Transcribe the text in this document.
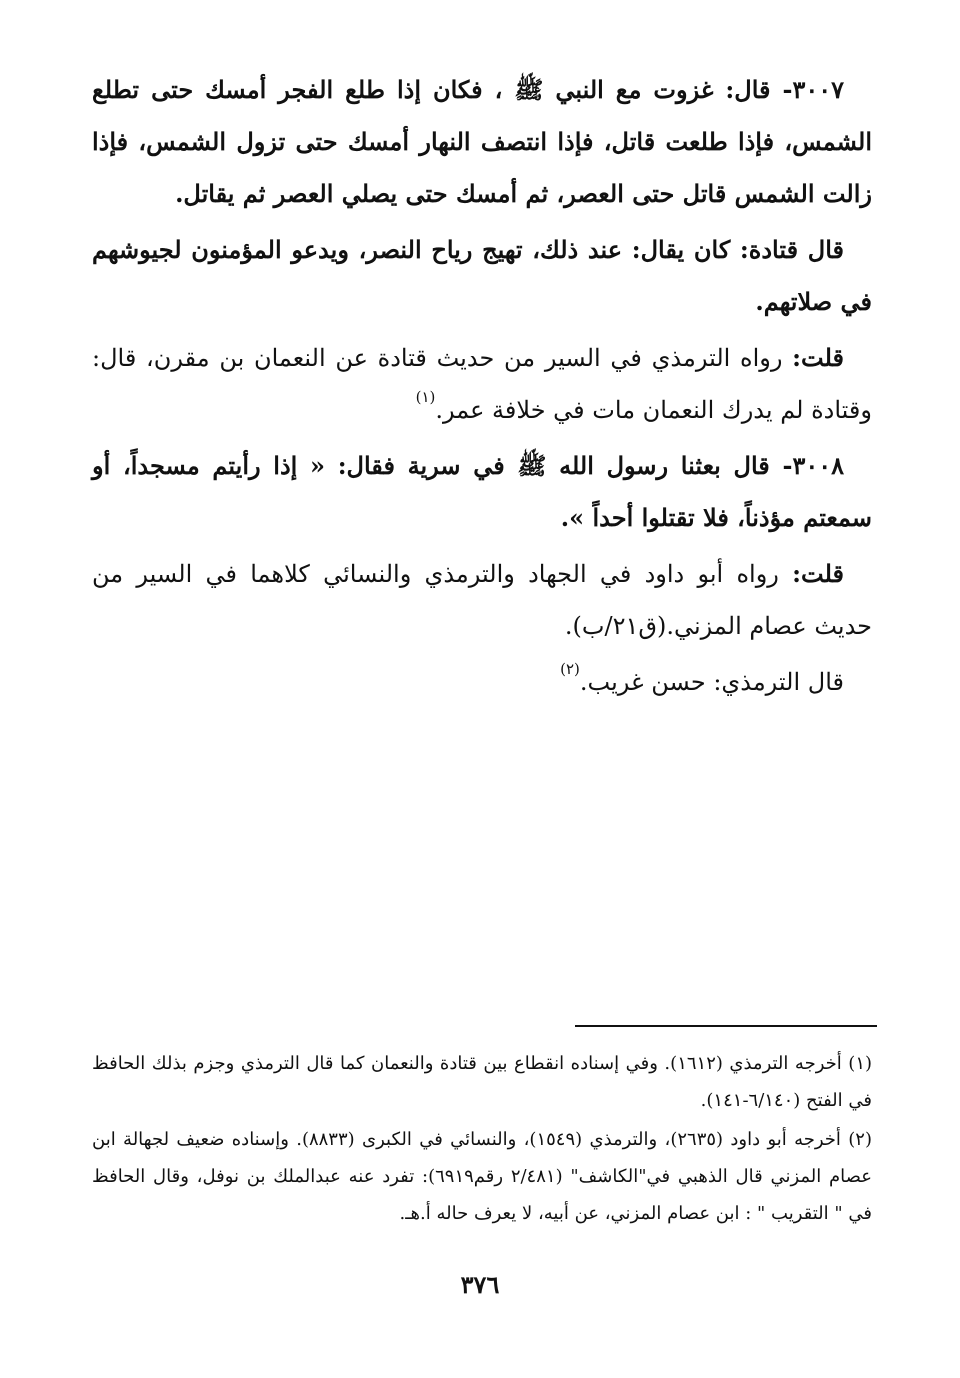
٣٠٠٧- قال: غزوت مع النبي ﷺ ، فكان إذا طلع الفجر أمسك حتى تطلع الشمس، فإذا طلعت قاتل، فإذا انتصف النهار أمسك حتى تزول الشمس، فإذا زالت الشمس قاتل حتى العصر، ثم أمسك حتى يصلي العصر ثم يقاتل.

قال قتادة: كان يقال: عند ذلك، تهيج رياح النصر، ويدعو المؤمنون لجيوشهم في صلاتهم.

قلت: رواه الترمذي في السير من حديث قتادة عن النعمان بن مقرن، قال: وقتادة لم يدرك النعمان مات في خلافة عمر.$^{(١)}$

٣٠٠٨- قال بعثنا رسول الله ﷺ في سرية فقال: « إذا رأيتم مسجداً، أو سمعتم مؤذناً، فلا تقتلوا أحداً ».

قلت: رواه أبو داود في الجهاد والترمذي والنسائي كلاهما في السير من حديث عصام المزني.(ق٢١/ب).

قال الترمذي: حسن غريب.$^{(٢)}$

(١) أخرجه الترمذي (١٦١٢). وفي إسناده انقطاع بين قتادة والنعمان كما قال الترمذي وجزم بذلك الحافظ في الفتح (٦/١٤٠-١٤١).

(٢) أخرجه أبو داود (٢٦٣٥)، والترمذي (١٥٤٩)، والنسائي في الكبرى (٨٨٣٣). وإسناده ضعيف لجهالة ابن عصام المزني قال الذهبي في"الكاشف" (٢/٤٨١ رقم٦٩١٩): تفرد عنه عبدالملك بن نوفل، وقال الحافظ في " التقريب " : ابن عصام المزني، عن أبيه، لا يعرف حاله أ.هـ.

٣٧٦
